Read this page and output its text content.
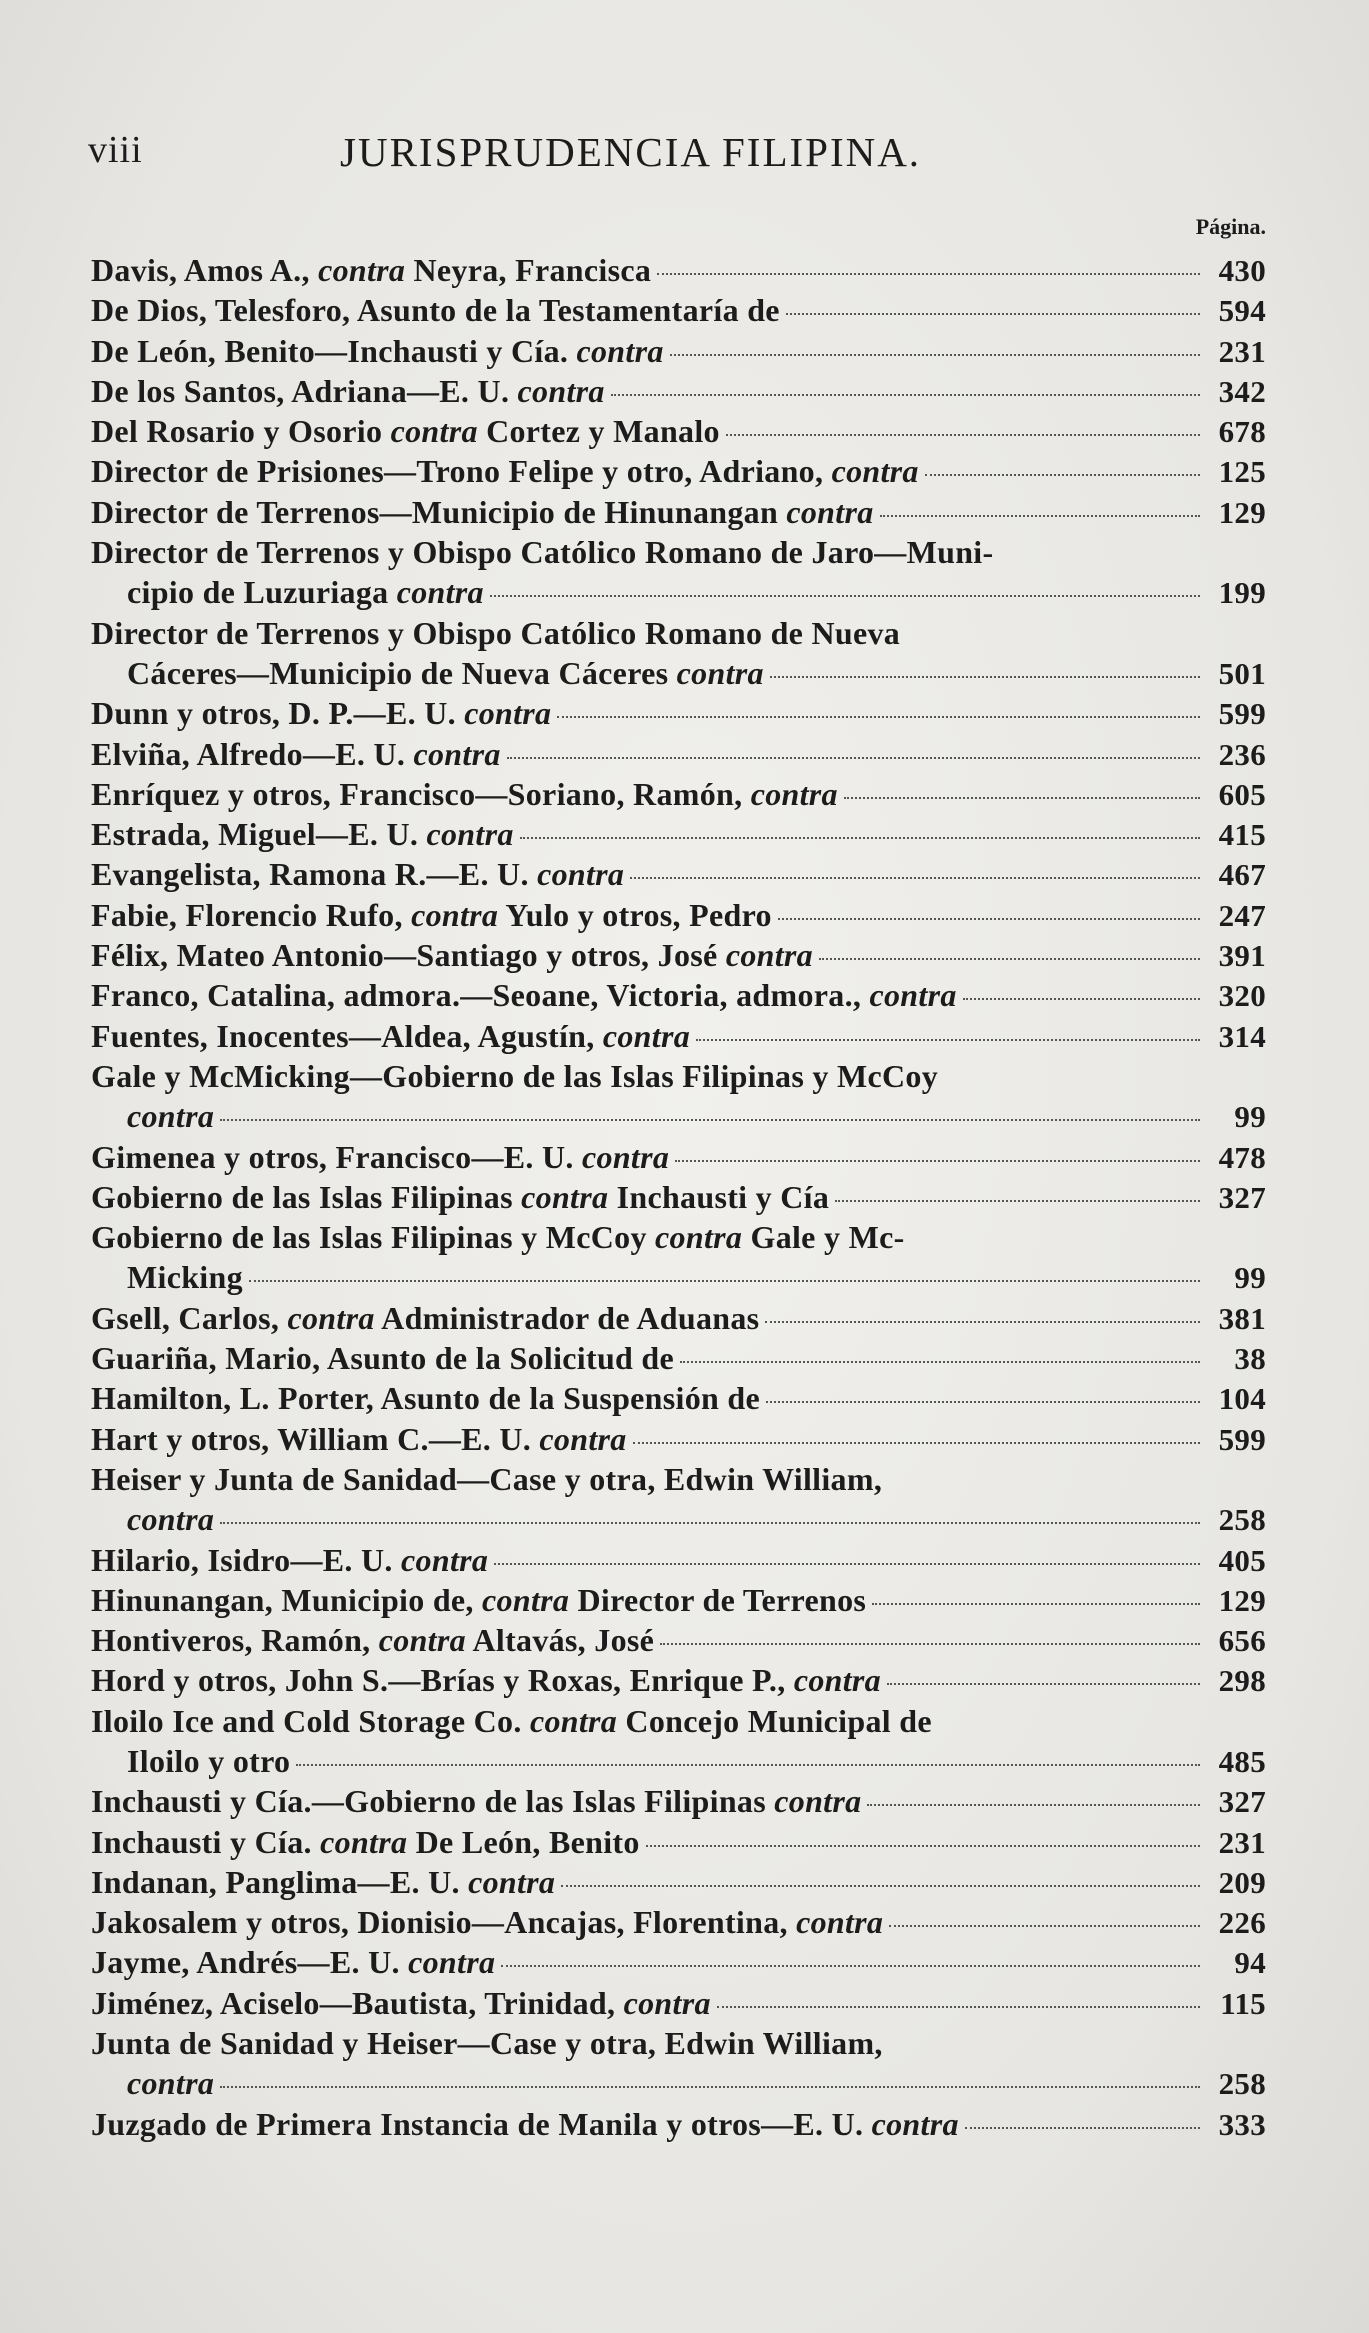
viii	JURISPRUDENCIA FILIPINA.
Página.
Davis, Amos A., contra Neyra, Francisca	430
De Dios, Telesforo, Asunto de la Testamentaría de	594
De León, Benito—Inchausti y Cía. contra	231
De los Santos, Adriana—E. U. contra	342
Del Rosario y Osorio contra Cortez y Manalo	678
Director de Prisiones—Trono Felipe y otro, Adriano, contra	125
Director de Terrenos—Municipio de Hinunangan contra	129
Director de Terrenos y Obispo Católico Romano de Jaro—Muni-
cipio de Luzuriaga contra	199
Director de Terrenos y Obispo Católico Romano de Nueva
Cáceres—Municipio de Nueva Cáceres contra	501
Dunn y otros, D. P.—E. U. contra	599
Elviña, Alfredo—E. U. contra	236
Enríquez y otros, Francisco—Soriano, Ramón, contra	605
Estrada, Miguel—E. U. contra	415
Evangelista, Ramona R.—E. U. contra	467
Fabie, Florencio Rufo, contra Yulo y otros, Pedro	247
Félix, Mateo Antonio—Santiago y otros, José contra	391
Franco, Catalina, admora.—Seoane, Victoria, admora., contra	320
Fuentes, Inocentes—Aldea, Agustín, contra	314
Gale y McMicking—Gobierno de las Islas Filipinas y McCoy
contra	99
Gimenea y otros, Francisco—E. U. contra	478
Gobierno de las Islas Filipinas contra Inchausti y Cía	327
Gobierno de las Islas Filipinas y McCoy contra Gale y Mc-
Micking	99
Gsell, Carlos, contra Administrador de Aduanas	381
Guariña, Mario, Asunto de la Solicitud de	38
Hamilton, L. Porter, Asunto de la Suspensión de	104
Hart y otros, William C.—E. U. contra	599
Heiser y Junta de Sanidad—Case y otra, Edwin William,
contra	258
Hilario, Isidro—E. U. contra	405
Hinunangan, Municipio de, contra Director de Terrenos	129
Hontiveros, Ramón, contra Altavás, José	656
Hord y otros, John S.—Brías y Roxas, Enrique P., contra	298
Iloilo Ice and Cold Storage Co. contra Concejo Municipal de
Iloilo y otro	485
Inchausti y Cía.—Gobierno de las Islas Filipinas contra	327
Inchausti y Cía. contra De León, Benito	231
Indanan, Panglima—E. U. contra	209
Jakosalem y otros, Dionisio—Ancajas, Florentina, contra	226
Jayme, Andrés—E. U. contra	94
Jiménez, Aciselo—Bautista, Trinidad, contra	115
Junta de Sanidad y Heiser—Case y otra, Edwin William,
contra	258
Juzgado de Primera Instancia de Manila y otros—E. U. contra	333
